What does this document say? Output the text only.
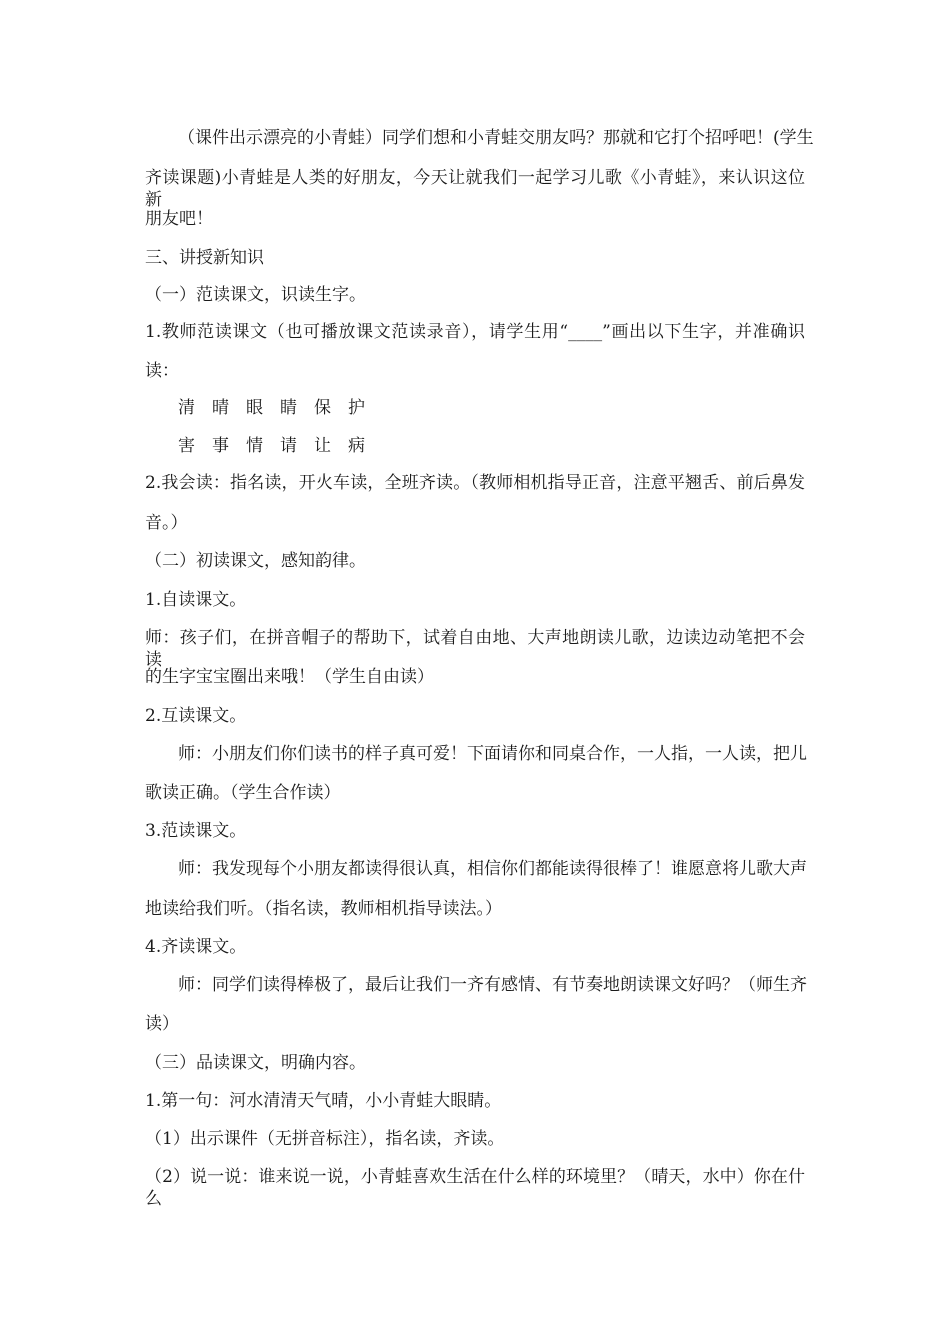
（课件出示漂亮的小青蛙）同学们想和小青蛙交朋友吗？那就和它打个招呼吧！(学生
齐读课题)小青蛙是人类的好朋友，今天让就我们一起学习儿歌《小青蛙》，来认识这位新
朋友吧！
三、讲授新知识
（一）范读课文，识读生字。
1.教师范读课文（也可播放课文范读录音），请学生用“____”画出以下生字，并准确识
读：
清 晴 眼 睛 保 护
害 事 情 请 让 病
2.我会读：指名读，开火车读，全班齐读。（教师相机指导正音，注意平翘舌、前后鼻发
音。）
（二）初读课文，感知韵律。
1.自读课文。
师：孩子们，在拼音帽子的帮助下，试着自由地、大声地朗读儿歌，边读边动笔把不会读
的生字宝宝圈出来哦！（学生自由读）
2.互读课文。
师：小朋友们你们读书的样子真可爱！下面请你和同桌合作，一人指，一人读，把儿
歌读正确。（学生合作读）
3.范读课文。
师：我发现每个小朋友都读得很认真，相信你们都能读得很棒了！谁愿意将儿歌大声
地读给我们听。（指名读，教师相机指导读法。）
4.齐读课文。
师：同学们读得棒极了，最后让我们一齐有感情、有节奏地朗读课文好吗？（师生齐
读）
（三）品读课文，明确内容。
1.第一句：河水清清天气晴，小小青蛙大眼睛。
（1）出示课件（无拼音标注），指名读，齐读。
（2）说一说：谁来说一说，小青蛙喜欢生活在什么样的环境里？（晴天，水中）你在什么
